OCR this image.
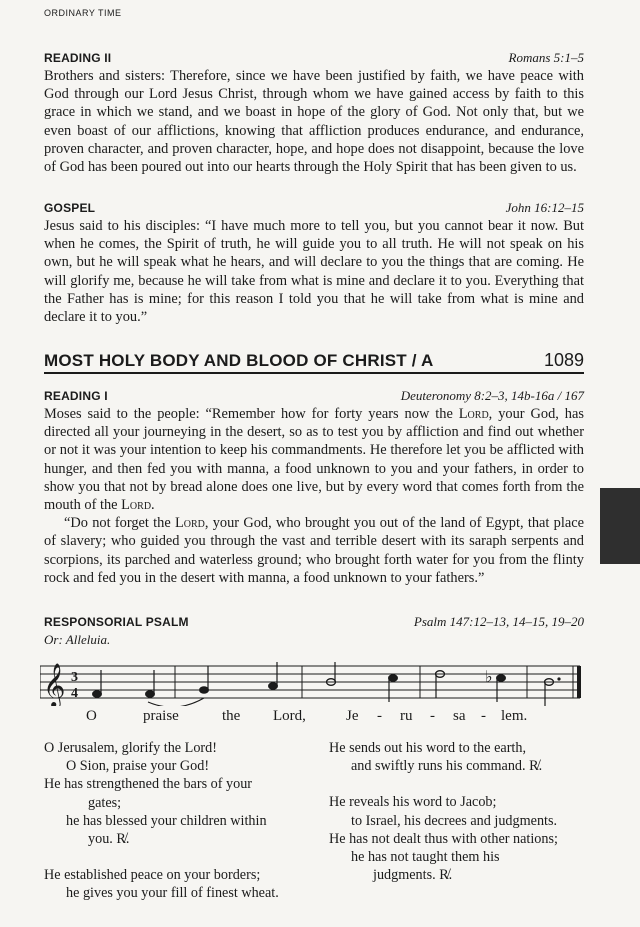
ORDINARY TIME
READING II	Romans 5:1–5

Brothers and sisters: Therefore, since we have been justified by faith, we have peace with God through our Lord Jesus Christ, through whom we have gained access by faith to this grace in which we stand, and we boast in hope of the glory of God. Not only that, but we even boast of our afflictions, knowing that affliction produces endurance, and endurance, proven character, and proven character, hope, and hope does not disappoint, because the love of God has been poured out into our hearts through the Holy Spirit that has been given to us.

GOSPEL	John 16:12–15

Jesus said to his disciples: “I have much more to tell you, but you cannot bear it now. But when he comes, the Spirit of truth, he will guide you to all truth. He will not speak on his own, but he will speak what he hears, and will declare to you the things that are coming. He will glorify me, because he will take from what is mine and declare it to you. Everything that the Father has is mine; for this reason I told you that he will take from what is mine and declare it to you.”

MOST HOLY BODY AND BLOOD OF CHRIST / A	1089
READING I	Deuteronomy 8:2–3, 14b-16a / 167

Moses said to the people: “Remember how for forty years now the Lord, your God, has directed all your journeying in the desert, so as to test you by affliction and find out whether or not it was your intention to keep his commandments. He therefore let you be afflicted with hunger, and then fed you with manna, a food unknown to you and your fathers, in order to show you that not by bread alone does one live, but by every word that comes forth from the mouth of the Lord.

“Do not forget the Lord, your God, who brought you out of the land of Egypt, that place of slavery; who guided you through the vast and terrible desert with its saraph serpents and scorpions, its parched and waterless ground; who brought forth water for you from the flinty rock and fed you in the desert with manna, a food unknown to your fathers.”

RESPONSORIAL PSALM	Psalm 147:12–13, 14–15, 19–20
Or: Alleluia.
𝄞 3
4
♭
O	praise	the Lord,	Je - ru - sa - lem.
O Jerusalem, glorify the Lord!
O Sion, praise your God!
He has strengthened the bars of your
gates;
he has blessed your children within
you. R̸.
He established peace on your borders;
he gives you your fill of finest wheat.
He sends out his word to the earth,
and swiftly runs his command. R̸.
He reveals his word to Jacob;
to Israel, his decrees and judgments.
He has not dealt thus with other nations;
he has not taught them his
judgments. R̸.
